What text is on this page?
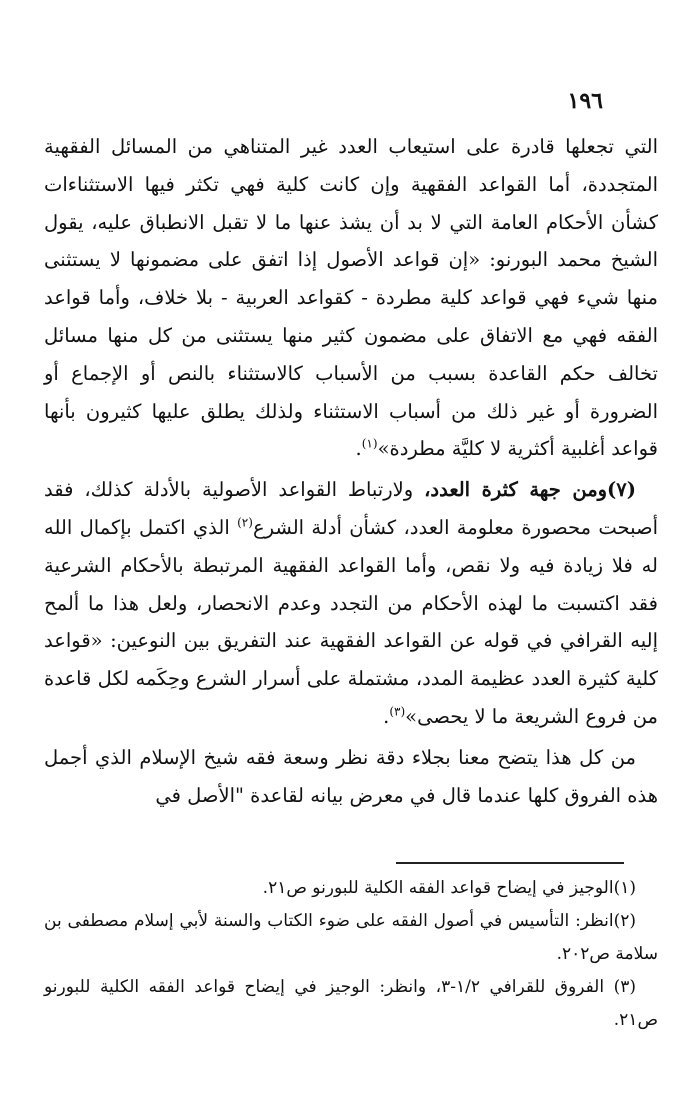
١٩٦

التي تجعلها قادرة على استيعاب العدد غير المتناهي من المسائل الفقهية المتجددة، أما القواعد الفقهية وإن كانت كلية فهي تكثر فيها الاستثناءات كشأن الأحكام العامة التي لا بد أن يشذ عنها ما لا تقبل الانطباق عليه، يقول الشيخ محمد البورنو: «إن قواعد الأصول إذا اتفق على مضمونها لا يستثنى منها شيء فهي قواعد كلية مطردة - كقواعد العربية - بلا خلاف، وأما قواعد الفقه فهي مع الاتفاق على مضمون كثير منها يستثنى من كل منها مسائل تخالف حكم القاعدة بسبب من الأسباب كالاستثناء بالنص أو الإجماع أو الضرورة أو غير ذلك من أسباب الاستثناء ولذلك يطلق عليها كثيرون بأنها قواعد أغلبية أكثرية لا كليَّة مطردة»$^{(١)}$.

(٧)ومن جهة كثرة العدد، ولارتباط القواعد الأصولية بالأدلة كذلك، فقد أصبحت محصورة معلومة العدد، كشأن أدلة الشرع$^{(٢)}$ الذي اكتمل بإكمال الله له فلا زيادة فيه ولا نقص، وأما القواعد الفقهية المرتبطة بالأحكام الشرعية فقد اكتسبت ما لهذه الأحكام من التجدد وعدم الانحصار، ولعل هذا ما ألمح إليه القرافي في قوله عن القواعد الفقهية عند التفريق بين النوعين: «قواعد كلية كثيرة العدد عظيمة المدد، مشتملة على أسرار الشرع وحِكَمه لكل قاعدة من فروع الشريعة ما لا يحصى»$^{(٣)}$.

من كل هذا يتضح معنا بجلاء دقة نظر وسعة فقه شيخ الإسلام الذي أجمل هذه الفروق كلها عندما قال في معرض بيانه لقاعدة "الأصل في

(١)الوجيز في إيضاح قواعد الفقه الكلية للبورنو ص٢١.

(٢)انظر: التأسيس في أصول الفقه على ضوء الكتاب والسنة لأبي إسلام مصطفى بن سلامة ص٢٠٢.

(٣) الفروق للقرافي ١/٢-٣، وانظر: الوجيز في إيضاح قواعد الفقه الكلية للبورنو ص٢١.
